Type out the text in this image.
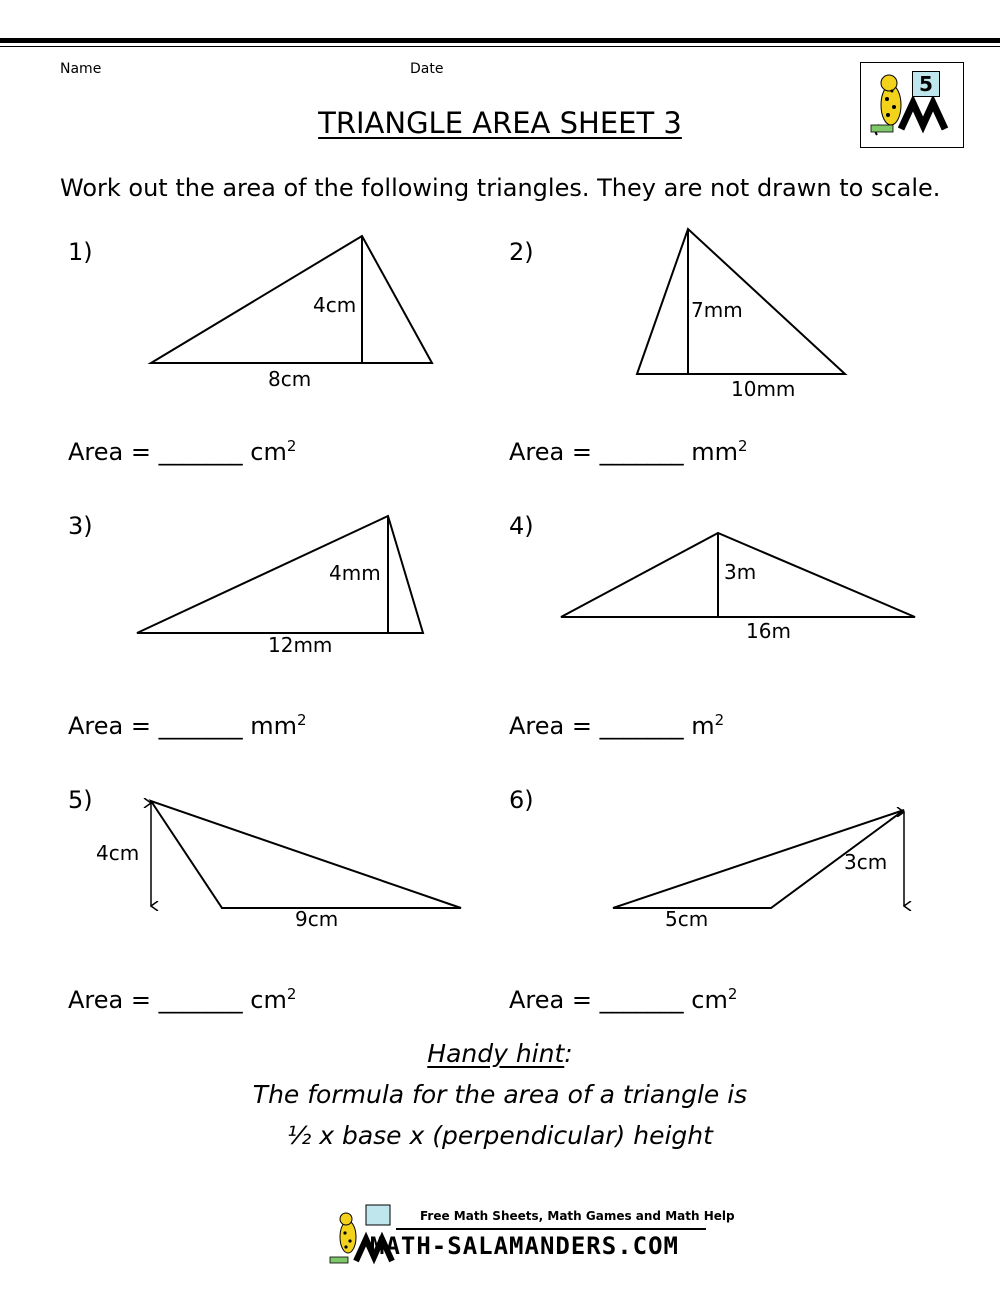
Name	Date
5
TRIANGLE AREA SHEET 3
Work out the area of the following triangles. They are not drawn to scale.
1)
4cm
8cm
Area = _______ $cm^2$
2)
7mm
10mm
Area = _______ $mm^2$
3)
4mm
12mm
Area = _______ $mm^2$
4)
3m
16m
Area = _______ $m^2$
5)
4cm
9cm
Area = _______ $cm^2$
6)
3cm
5cm
Area = _______ $cm^2$
Handy hint:
The formula for the area of a triangle is
½ x base x (perpendicular) height
Free Math Sheets, Math Games and Math Help
MATH-SALAMANDERS.COM
